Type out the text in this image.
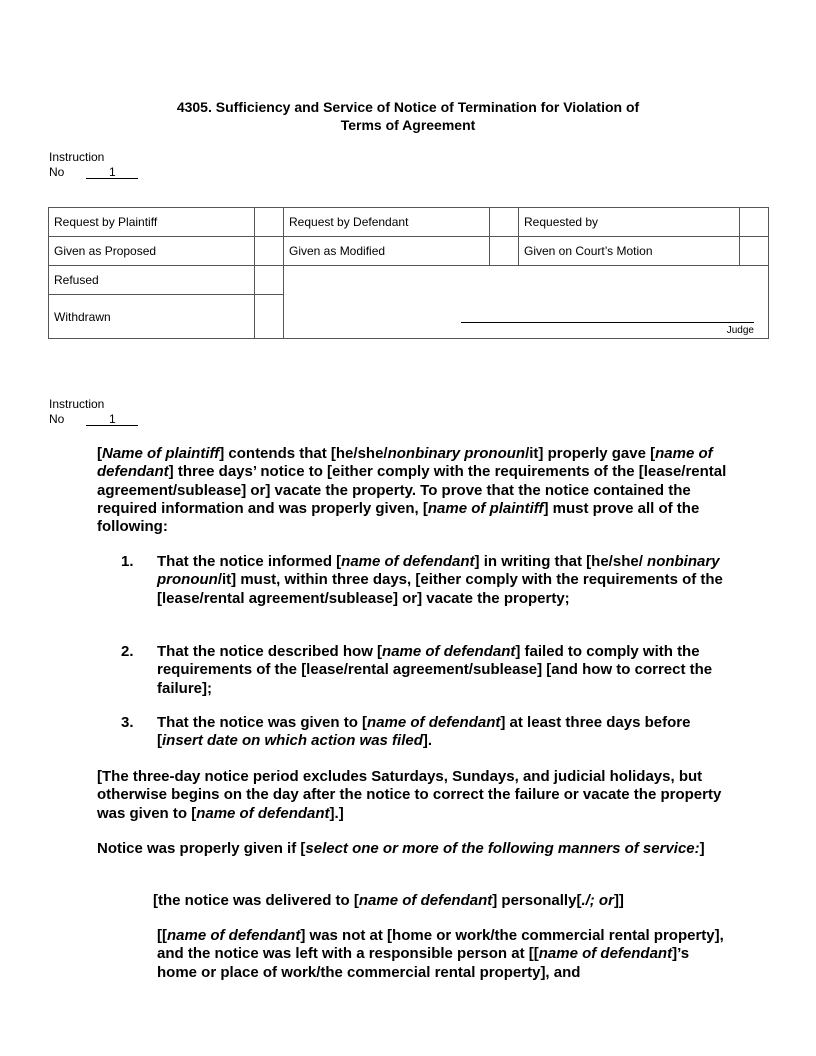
4305. Sufficiency and Service of Notice of Termination for Violation of
Terms of Agreement
Instruction
No	1
Request by Plaintiff		Request by Defendant		Requested by	
Given as Proposed		Given as Modified		Given on Court’s Motion	
Refused		Judge			

Withdrawn					
Instruction
No	1

[Name of plaintiff] contends that [he/she/nonbinary pronoun/it] properly gave [name of defendant] three days’ notice to [either comply with the requirements of the [lease/rental agreement/sublease] or] vacate the property. To prove that the notice contained the required information and was properly given, [name of plaintiff] must prove all of the following:

1. That the notice informed [name of defendant] in writing that [he/she/ nonbinary pronoun/it] must, within three days, [either comply with the requirements of the [lease/rental agreement/sublease] or] vacate the property;
2. That the notice described how [name of defendant] failed to comply with the requirements of the [lease/rental agreement/sublease] [and how to correct the failure];
3. That the notice was given to [name of defendant] at least three days before [insert date on which action was filed].

[The three-day notice period excludes Saturdays, Sundays, and judicial holidays, but otherwise begins on the day after the notice to correct the failure or vacate the property was given to [name of defendant].]

Notice was properly given if [select one or more of the following manners of service:]

[the notice was delivered to [name of defendant] personally[./; or]]

[[name of defendant] was not at [home or work/the commercial rental property], and the notice was left with a responsible person at [[name of defendant]’s home or place of work/the commercial rental property], and
